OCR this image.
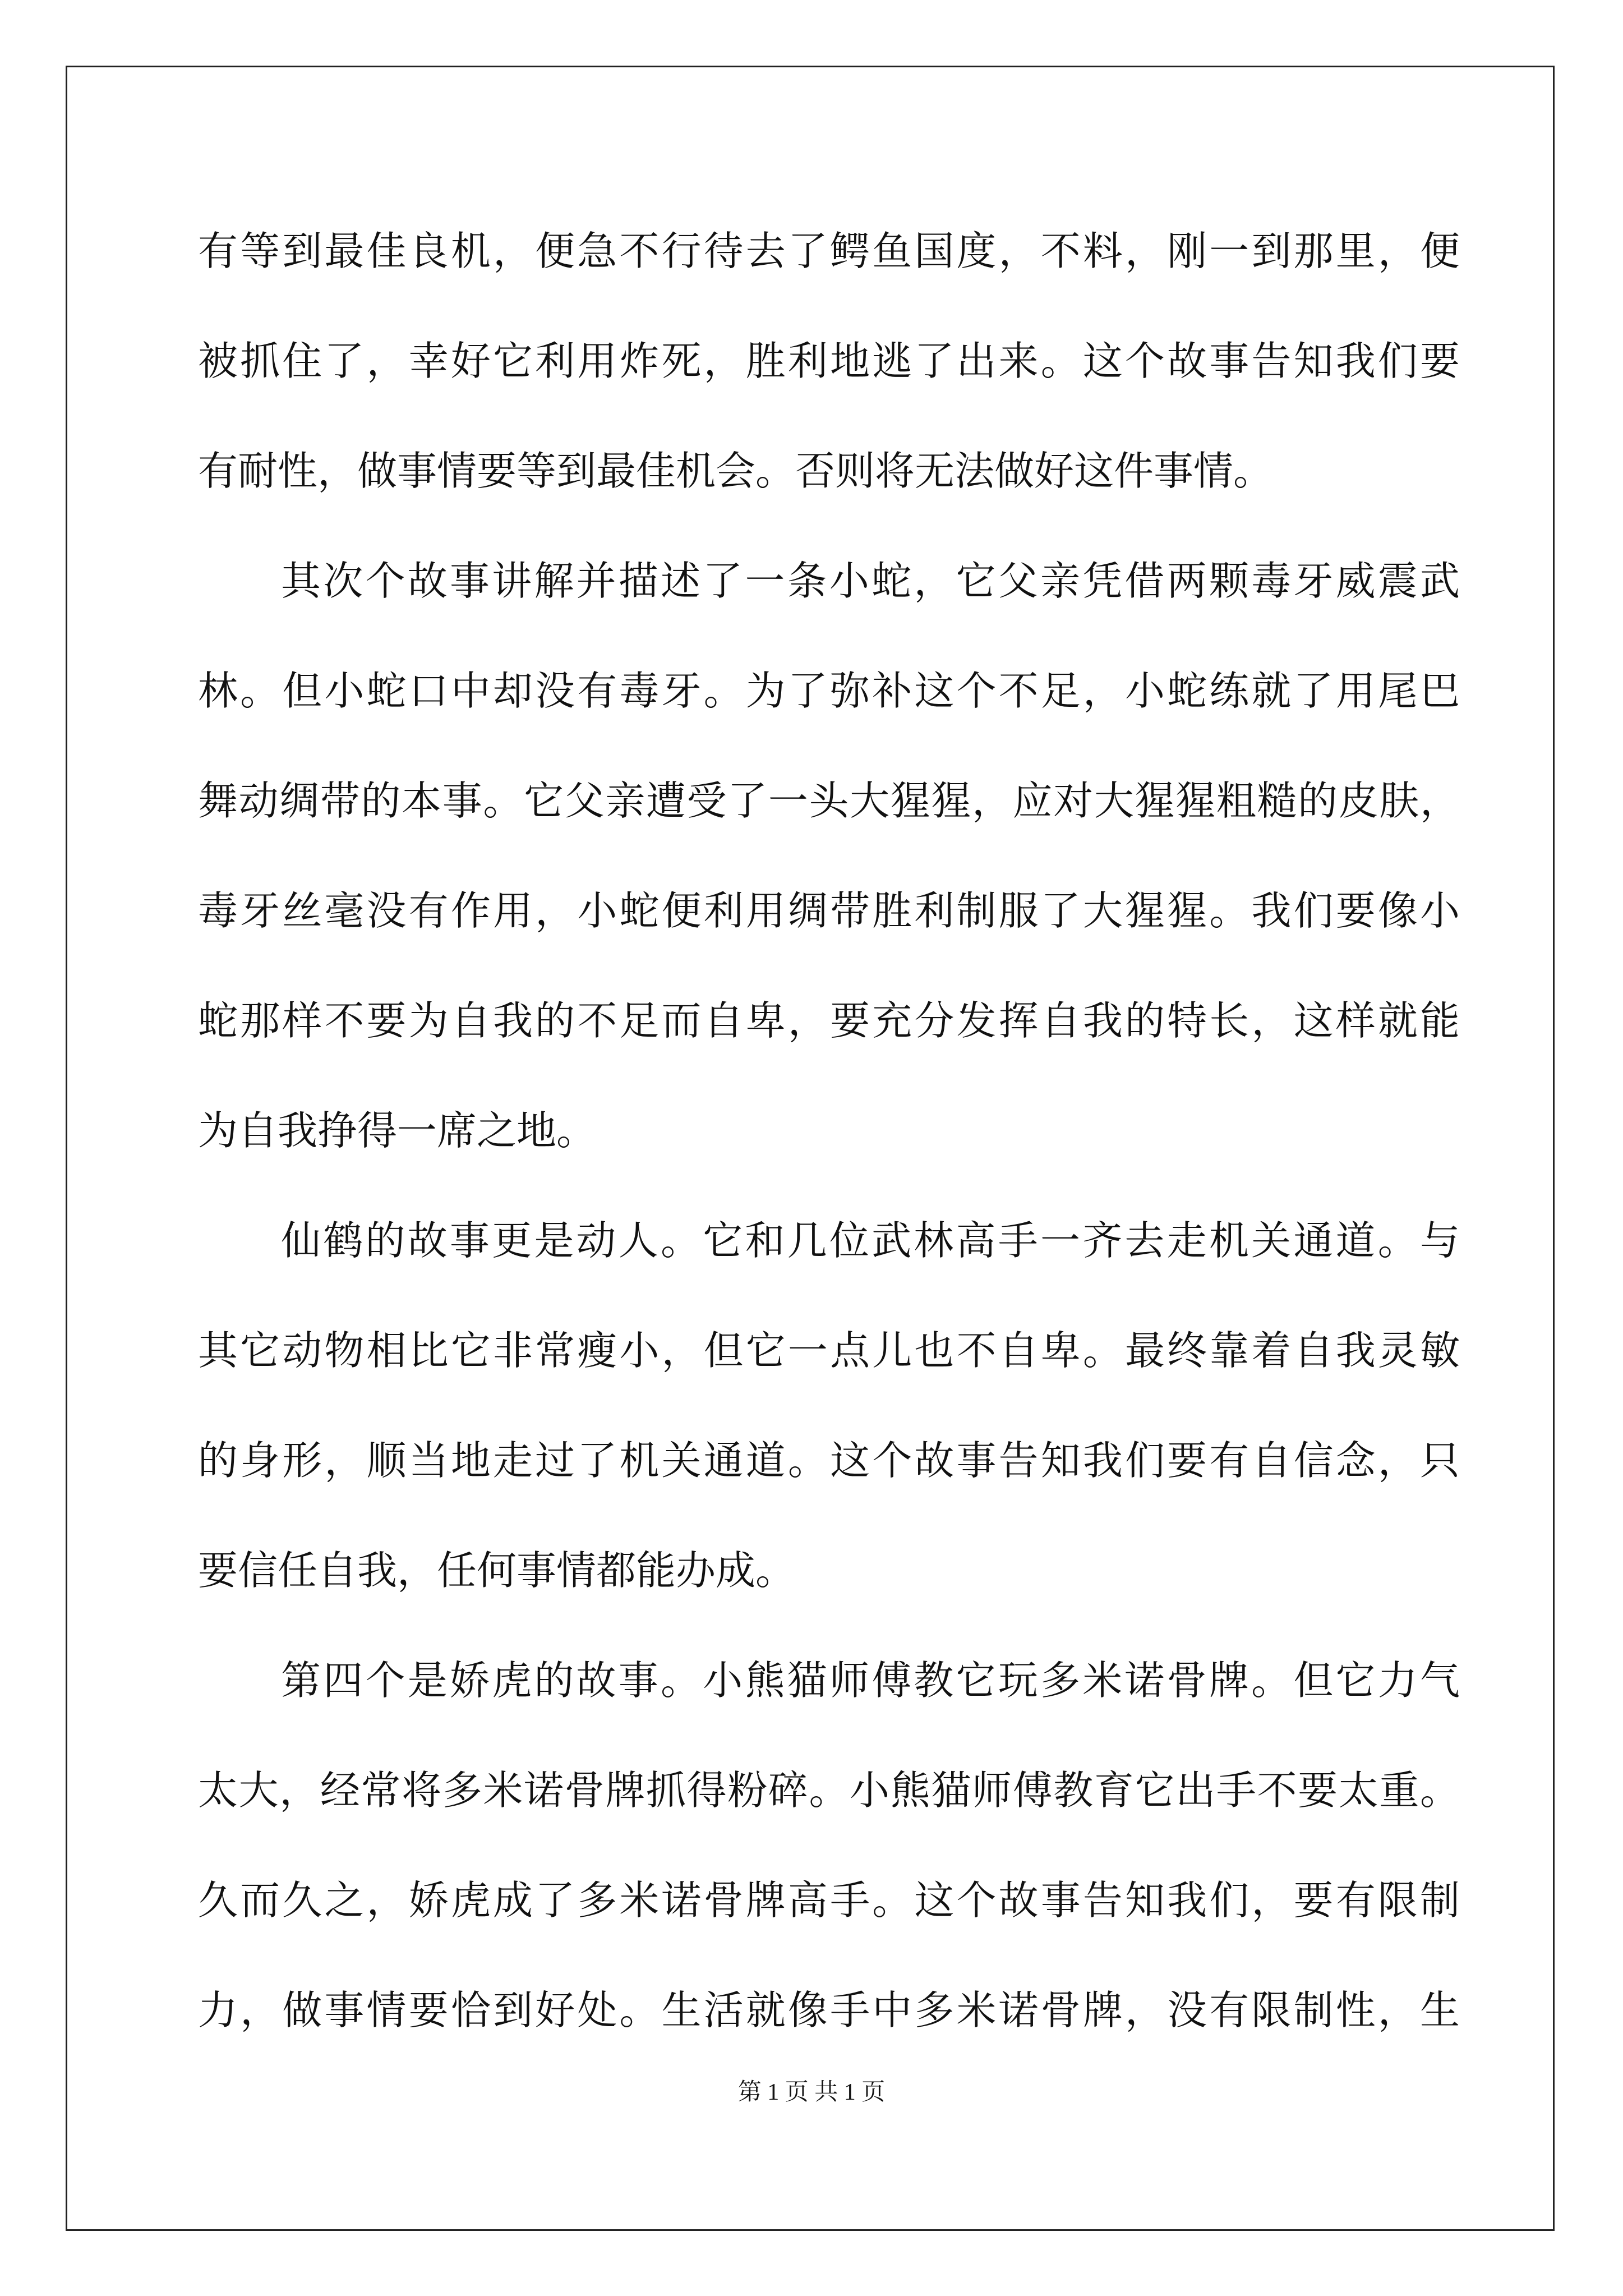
有等到最佳良机，便急不行待去了鳄鱼国度，不料，刚一到那里，便
被抓住了，幸好它利用炸死，胜利地逃了出来。这个故事告知我们要
有耐性，做事情要等到最佳机会。否则将无法做好这件事情。
其次个故事讲解并描述了一条小蛇，它父亲凭借两颗毒牙威震武
林。但小蛇口中却没有毒牙。为了弥补这个不足，小蛇练就了用尾巴
舞动绸带的本事。它父亲遭受了一头大猩猩，应对大猩猩粗糙的皮肤，
毒牙丝毫没有作用，小蛇便利用绸带胜利制服了大猩猩。我们要像小
蛇那样不要为自我的不足而自卑，要充分发挥自我的特长，这样就能
为自我挣得一席之地。
仙鹤的故事更是动人。它和几位武林高手一齐去走机关通道。与
其它动物相比它非常瘦小，但它一点儿也不自卑。最终靠着自我灵敏
的身形，顺当地走过了机关通道。这个故事告知我们要有自信念，只
要信任自我，任何事情都能办成。
第四个是娇虎的故事。小熊猫师傅教它玩多米诺骨牌。但它力气
太大，经常将多米诺骨牌抓得粉碎。小熊猫师傅教育它出手不要太重。
久而久之，娇虎成了多米诺骨牌高手。这个故事告知我们，要有限制
力，做事情要恰到好处。生活就像手中多米诺骨牌，没有限制性，生
第 1 页 共 1 页
